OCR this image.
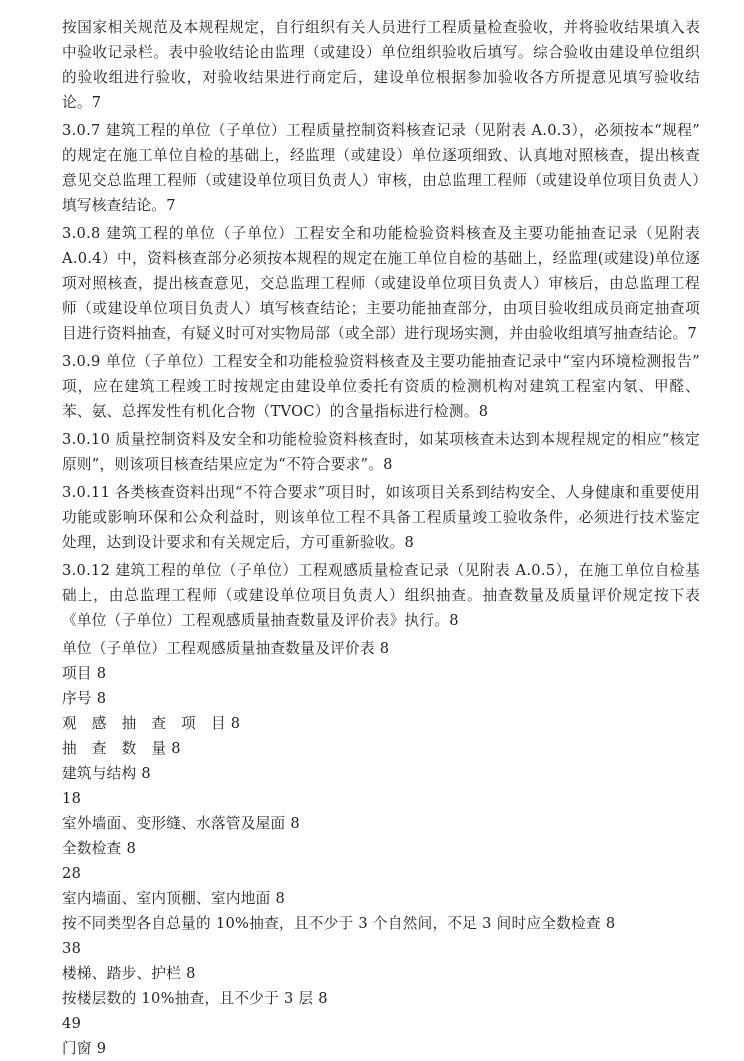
按国家相关规范及本规程规定，自行组织有关人员进行工程质量检查验收，并将验收结果填入表中验收记录栏。表中验收结论由监理（或建设）单位组织验收后填写。综合验收由建设单位组织的验收组进行验收，对验收结果进行商定后，建设单位根据参加验收各方所提意见填写验收结论。7

3.0.7 建筑工程的单位（子单位）工程质量控制资料核查记录（见附表 A.0.3），必须按本“规程”的规定在施工单位自检的基础上，经监理（或建设）单位逐项细致、认真地对照核查，提出核查意见交总监理工程师（或建设单位项目负责人）审核，由总监理工程师（或建设单位项目负责人）填写核查结论。7

3.0.8 建筑工程的单位（子单位）工程安全和功能检验资料核查及主要功能抽查记录（见附表 A.0.4）中，资料核查部分必须按本规程的规定在施工单位自检的基础上，经监理(或建设)单位逐项对照核查，提出核查意见，交总监理工程师（或建设单位项目负责人）审核后，由总监理工程师（或建设单位项目负责人）填写核查结论；主要功能抽查部分，由项目验收组成员商定抽查项目进行资料抽查，有疑义时可对实物局部（或全部）进行现场实测，并由验收组填写抽查结论。7

3.0.9 单位（子单位）工程安全和功能检验资料核查及主要功能抽查记录中“室内环境检测报告”项，应在建筑工程竣工时按规定由建设单位委托有资质的检测机构对建筑工程室内氡、甲醛、苯、氨、总挥发性有机化合物（TVOC）的含量指标进行检测。8

3.0.10 质量控制资料及安全和功能检验资料核查时，如某项核查未达到本规程规定的相应“核定原则”，则该项目核查结果应定为“不符合要求”。8

3.0.11 各类核查资料出现“不符合要求”项目时，如该项目关系到结构安全、人身健康和重要使用功能或影响环保和公众利益时，则该单位工程不具备工程质量竣工验收条件，必须进行技术鉴定处理，达到设计要求和有关规定后，方可重新验收。8

3.0.12 建筑工程的单位（子单位）工程观感质量检查记录（见附表 A.0.5），在施工单位自检基础上，由总监理工程师（或建设单位项目负责人）组织抽查。抽查数量及质量评价规定按下表《单位（子单位）工程观感质量抽查数量及评价表》执行。8

单位（子单位）工程观感质量抽查数量及评价表 8

项目 8

序号 8

观　感　抽　查　项　目 8

抽　查　数　量 8

建筑与结构 8

18

室外墙面、变形缝、水落管及屋面 8

全数检查 8

28

室内墙面、室内顶棚、室内地面 8

按不同类型各自总量的 10%抽查，且不少于 3 个自然间，不足 3 间时应全数检查 8

38

楼梯、踏步、护栏 8

按楼层数的 10%抽查，且不少于 3 层 8

49

门窗 9
